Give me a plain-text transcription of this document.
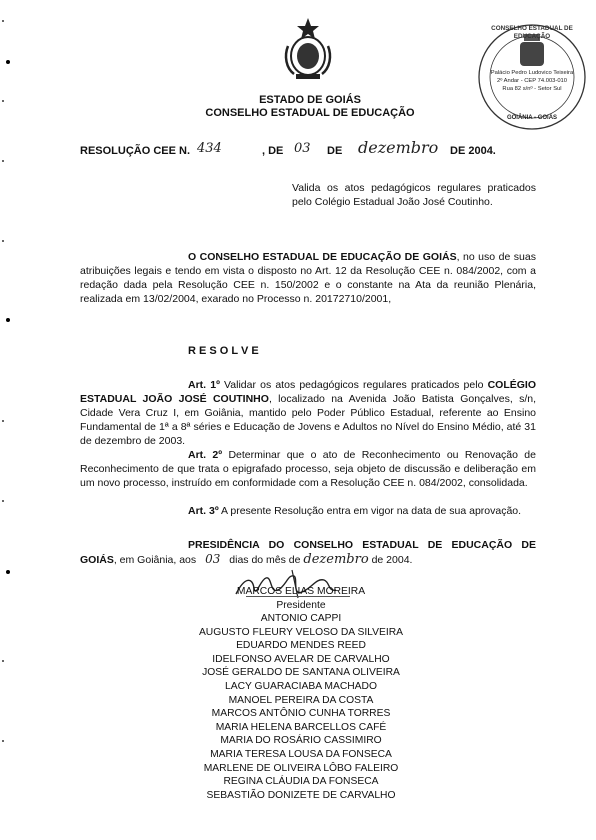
CONSELHO ESTADUAL DE EDUCAÇÃO
Palácio Pedro Ludovico Teixeira
2º Andar - CEP 74.003-010
Rua 82 s/nº - Setor Sul
GOIÂNIA - GOIÁS
ESTADO DE GOIÁS
CONSELHO ESTADUAL DE EDUCAÇÃO
RESOLUÇÃO CEE N. 434	, DE 03 DE dezembro DE 2004.
Valida os atos pedagógicos regulares praticados pelo Colégio Estadual João José Coutinho.
O CONSELHO ESTADUAL DE EDUCAÇÃO DE GOIÁS, no uso de suas atribuições legais e tendo em vista o disposto no Art. 12 da Resolução CEE n. 084/2002, com a redação dada pela Resolução CEE n. 150/2002 e o constante na Ata da reunião Plenária, realizada em 13/02/2004, exarado no Processo n. 20172710/2001,
R E S O L V E
Art. 1º Validar os atos pedagógicos regulares praticados pelo COLÉGIO ESTADUAL JOÃO JOSÉ COUTINHO, localizado na Avenida João Batista Gonçalves, s/n, Cidade Vera Cruz I, em Goiânia, mantido pelo Poder Público Estadual, referente ao Ensino Fundamental de 1ª a 8ª séries e Educação de Jovens e Adultos no Nível do Ensino Médio, até 31 de dezembro de 2003.
Art. 2º Determinar que o ato de Reconhecimento ou Renovação de Reconhecimento de que trata o epigrafado processo, seja objeto de discussão e deliberação em um novo processo, instruído em conformidade com a Resolução CEE n. 084/2002, consolidada.
Art. 3º A presente Resolução entra em vigor na data de sua aprovação.
PRESIDÊNCIA DO CONSELHO ESTADUAL DE EDUCAÇÃO DE GOIÁS, em Goiânia, aos 03 dias do mês de dezembro de 2004.
MARCOS ELIAS MOREIRA
Presidente
ANTONIO CAPPI
AUGUSTO FLEURY VELOSO DA SILVEIRA
EDUARDO MENDES REED
IDELFONSO AVELAR DE CARVALHO
JOSÉ GERALDO DE SANTANA OLIVEIRA
LACY GUARACIABA MACHADO
MANOEL PEREIRA DA COSTA
MARCOS ANTÔNIO CUNHA TORRES
MARIA HELENA BARCELLOS CAFÉ
MARIA DO ROSÁRIO CASSIMIRO
MARIA TERESA LOUSA DA FONSECA
MARLENE DE OLIVEIRA LÔBO FALEIRO
REGINA CLÁUDIA DA FONSECA
SEBASTIÃO DONIZETE DE CARVALHO
